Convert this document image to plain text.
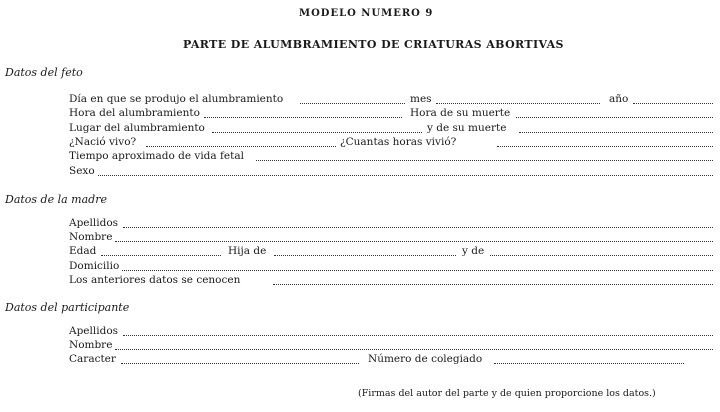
MODELO NUMERO 9
PARTE DE ALUMBRAMIENTO DE CRIATURAS ABORTIVAS
Datos del feto
Día en que se produjo el alumbramiento	mes	año
Hora del alumbramiento	Hora de su muerte
Lugar del alumbramiento	y de su muerte
¿Nació vivo?	¿Cuantas horas vivió?
Tiempo aproximado de vida fetal
Sexo
Datos de la madre
Apellidos
Nombre
Edad	Hija de	y de
Domicilio
Los anteriores datos se cenocen
Datos del participante
Apellidos
Nombre
Caracter	Número de colegiado
(Firmas del autor del parte y de quien proporcione los datos.)
